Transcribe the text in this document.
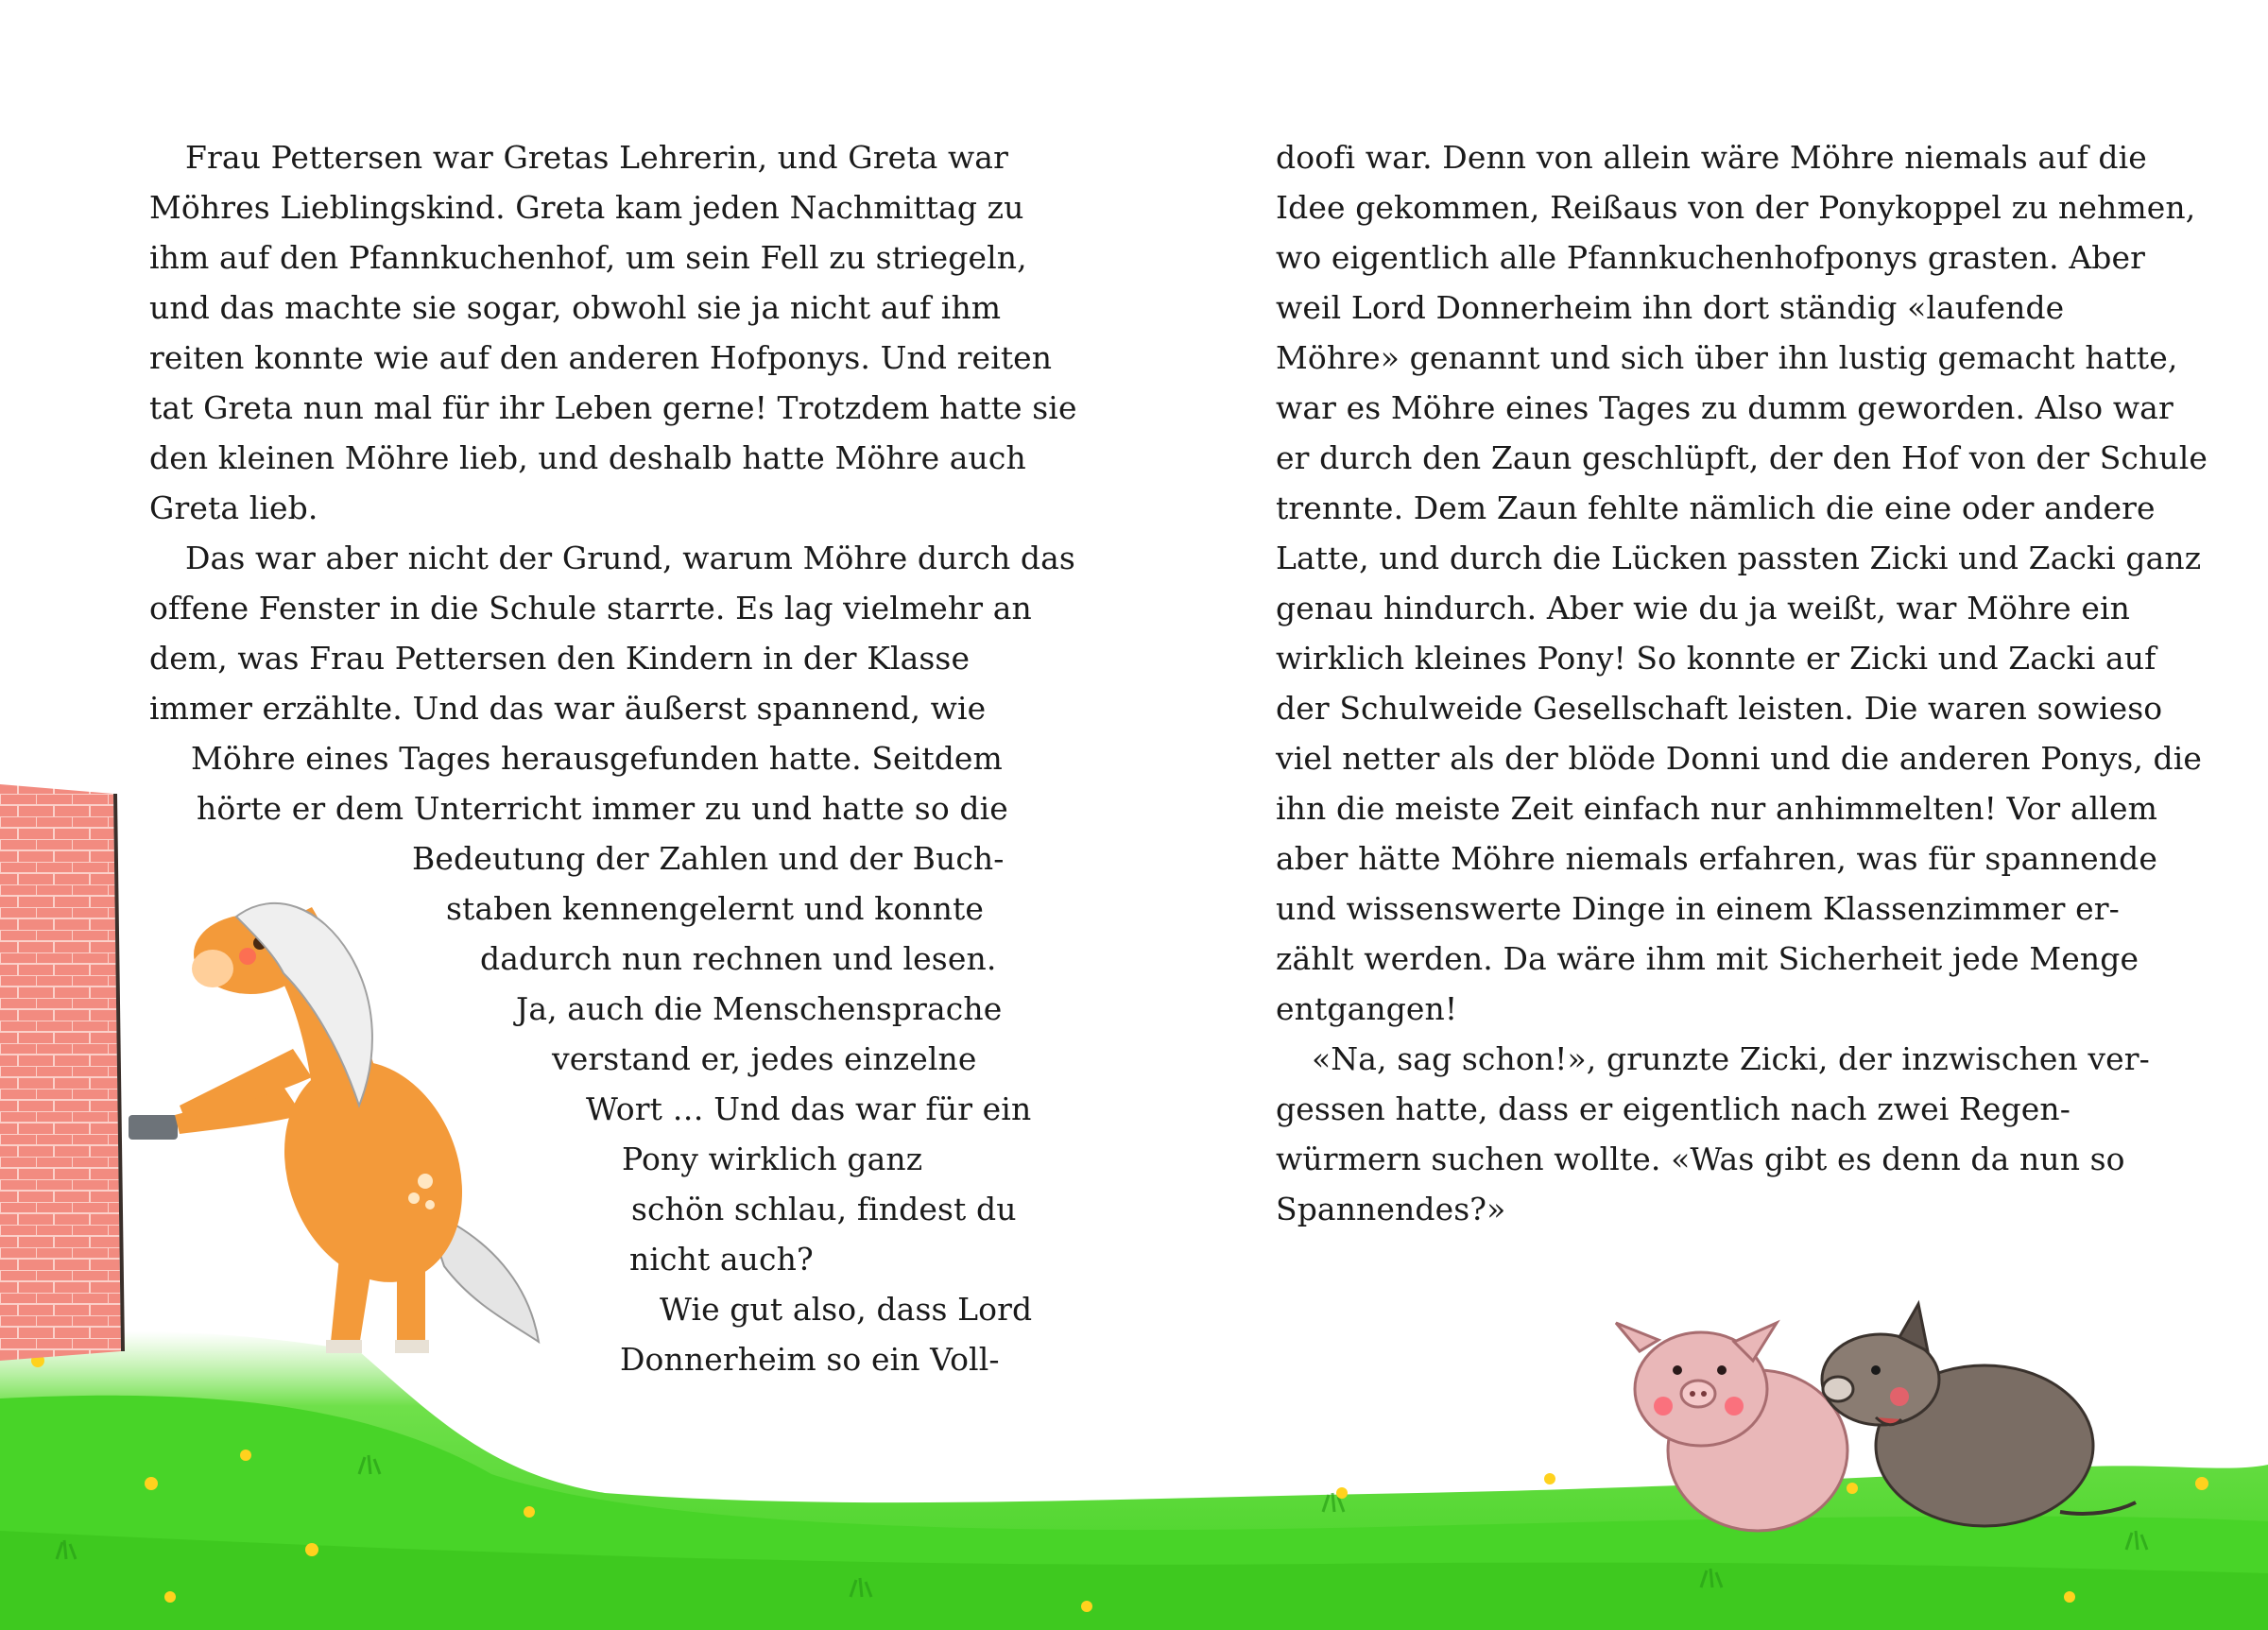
Frau Pettersen war Gretas Lehrerin, und Greta war
Möhres Lieblingskind. Greta kam jeden Nachmittag zu
ihm auf den Pfannkuchenhof, um sein Fell zu striegeln,
und das machte sie sogar, obwohl sie ja nicht auf ihm
reiten konnte wie auf den anderen Hofponys. Und reiten
tat Greta nun mal für ihr Leben gerne! Trotzdem hatte sie
den kleinen Möhre lieb, und deshalb hatte Möhre auch
Greta lieb.
Das war aber nicht der Grund, warum Möhre durch das
offene Fenster in die Schule starrte. Es lag vielmehr an
dem, was Frau Pettersen den Kindern in der Klasse
immer erzählte. Und das war äußerst spannend, wie
Möhre eines Tages herausgefunden hatte. Seitdem
hörte er dem Unterricht immer zu und hatte so die
Bedeutung der Zahlen und der Buch-
staben kennengelernt und konnte
dadurch nun rechnen und lesen.
Ja, auch die Menschensprache
verstand er, jedes einzelne
Wort … Und das war für ein
Pony wirklich ganz
schön schlau, findest du
nicht auch?
Wie gut also, dass Lord
Donnerheim so ein Voll-
doofi war. Denn von allein wäre Möhre niemals auf die
Idee gekommen, Reißaus von der Ponykoppel zu nehmen,
wo eigentlich alle Pfannkuchenhofponys grasten. Aber
weil Lord Donnerheim ihn dort ständig «laufende
Möhre» genannt und sich über ihn lustig gemacht hatte,
war es Möhre eines Tages zu dumm geworden. Also war
er durch den Zaun geschlüpft, der den Hof von der Schule
trennte. Dem Zaun fehlte nämlich die eine oder andere
Latte, und durch die Lücken passten Zicki und Zacki ganz
genau hindurch. Aber wie du ja weißt, war Möhre ein
wirklich kleines Pony! So konnte er Zicki und Zacki auf
der Schulweide Gesellschaft leisten. Die waren sowieso
viel netter als der blöde Donni und die anderen Ponys, die
ihn die meiste Zeit einfach nur anhimmelten! Vor allem
aber hätte Möhre niemals erfahren, was für spannende
und wissenswerte Dinge in einem Klassenzimmer er-
zählt werden. Da wäre ihm mit Sicherheit jede Menge
entgangen!
«Na, sag schon!», grunzte Zicki, der inzwischen ver-
gessen hatte, dass er eigentlich nach zwei Regen-
würmern suchen wollte. «Was gibt es denn da nun so
Spannendes?»
